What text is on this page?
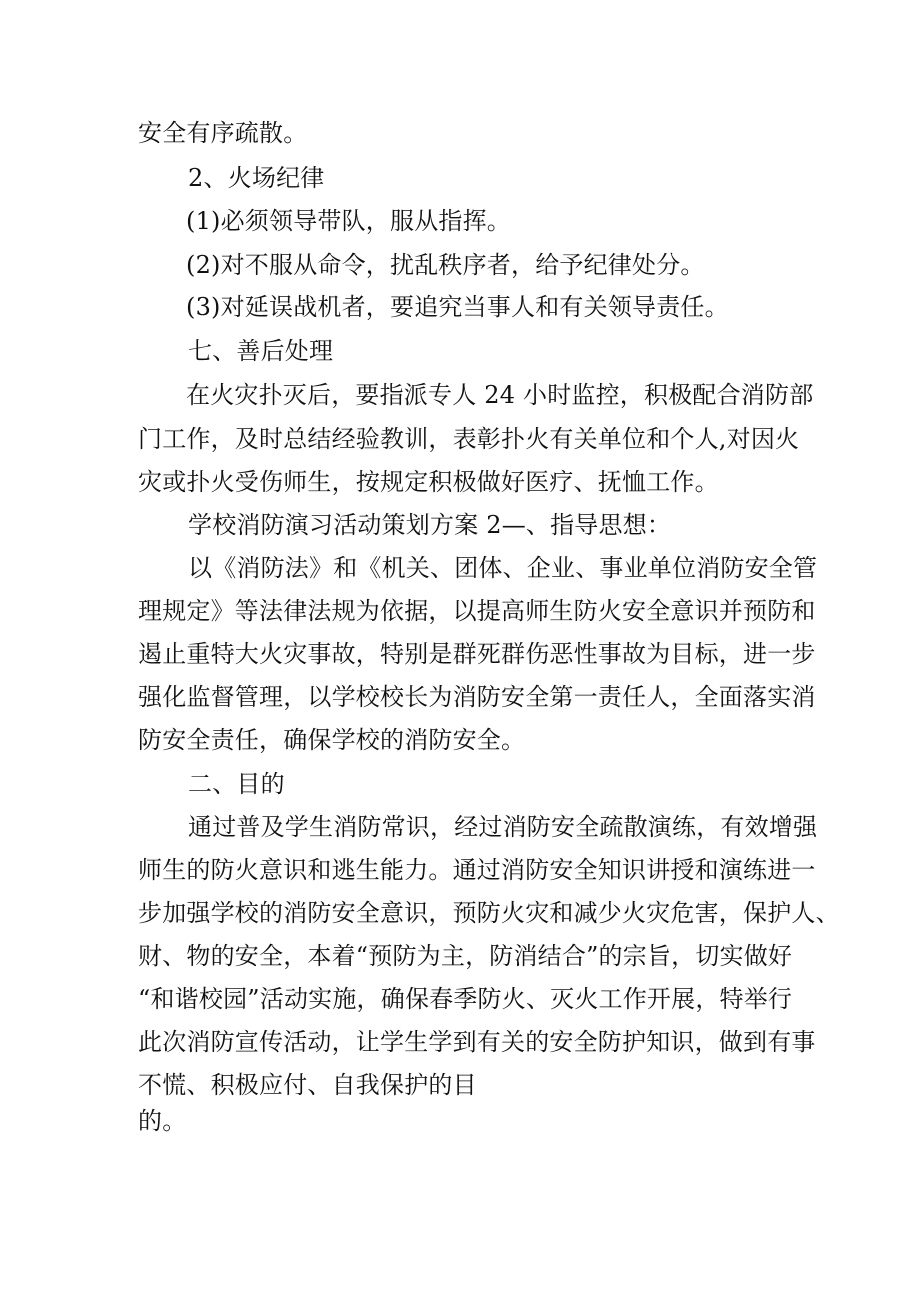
安全有序疏散。
2、火场纪律
(1)必须领导带队，服从指挥。
(2)对不服从命令，扰乱秩序者，给予纪律处分。
(3)对延误战机者，要追究当事人和有关领导责任。
七、善后处理
在火灾扑灭后，要指派专人 24 小时监控，积极配合消防部
门工作，及时总结经验教训，表彰扑火有关单位和个人,对因火
灾或扑火受伤师生，按规定积极做好医疗、抚恤工作。
学校消防演习活动策划方案 2—、指导思想：
以《消防法》和《机关、团体、企业、事业单位消防安全管
理规定》等法律法规为依据，以提高师生防火安全意识并预防和
遏止重特大火灾事故，特别是群死群伤恶性事故为目标，进一步
强化监督管理，以学校校长为消防安全第一责任人，全面落实消
防安全责任，确保学校的消防安全。
二、目的
通过普及学生消防常识，经过消防安全疏散演练，有效增强
师生的防火意识和逃生能力。通过消防安全知识讲授和演练进一
步加强学校的消防安全意识，预防火灾和减少火灾危害，保护人、
财、物的安全，本着“预防为主，防消结合”的宗旨，切实做好
“和谐校园”活动实施，确保春季防火、灭火工作开展，特举行
此次消防宣传活动，让学生学到有关的安全防护知识，做到有事
不慌、积极应付、自我保护的目
的。
